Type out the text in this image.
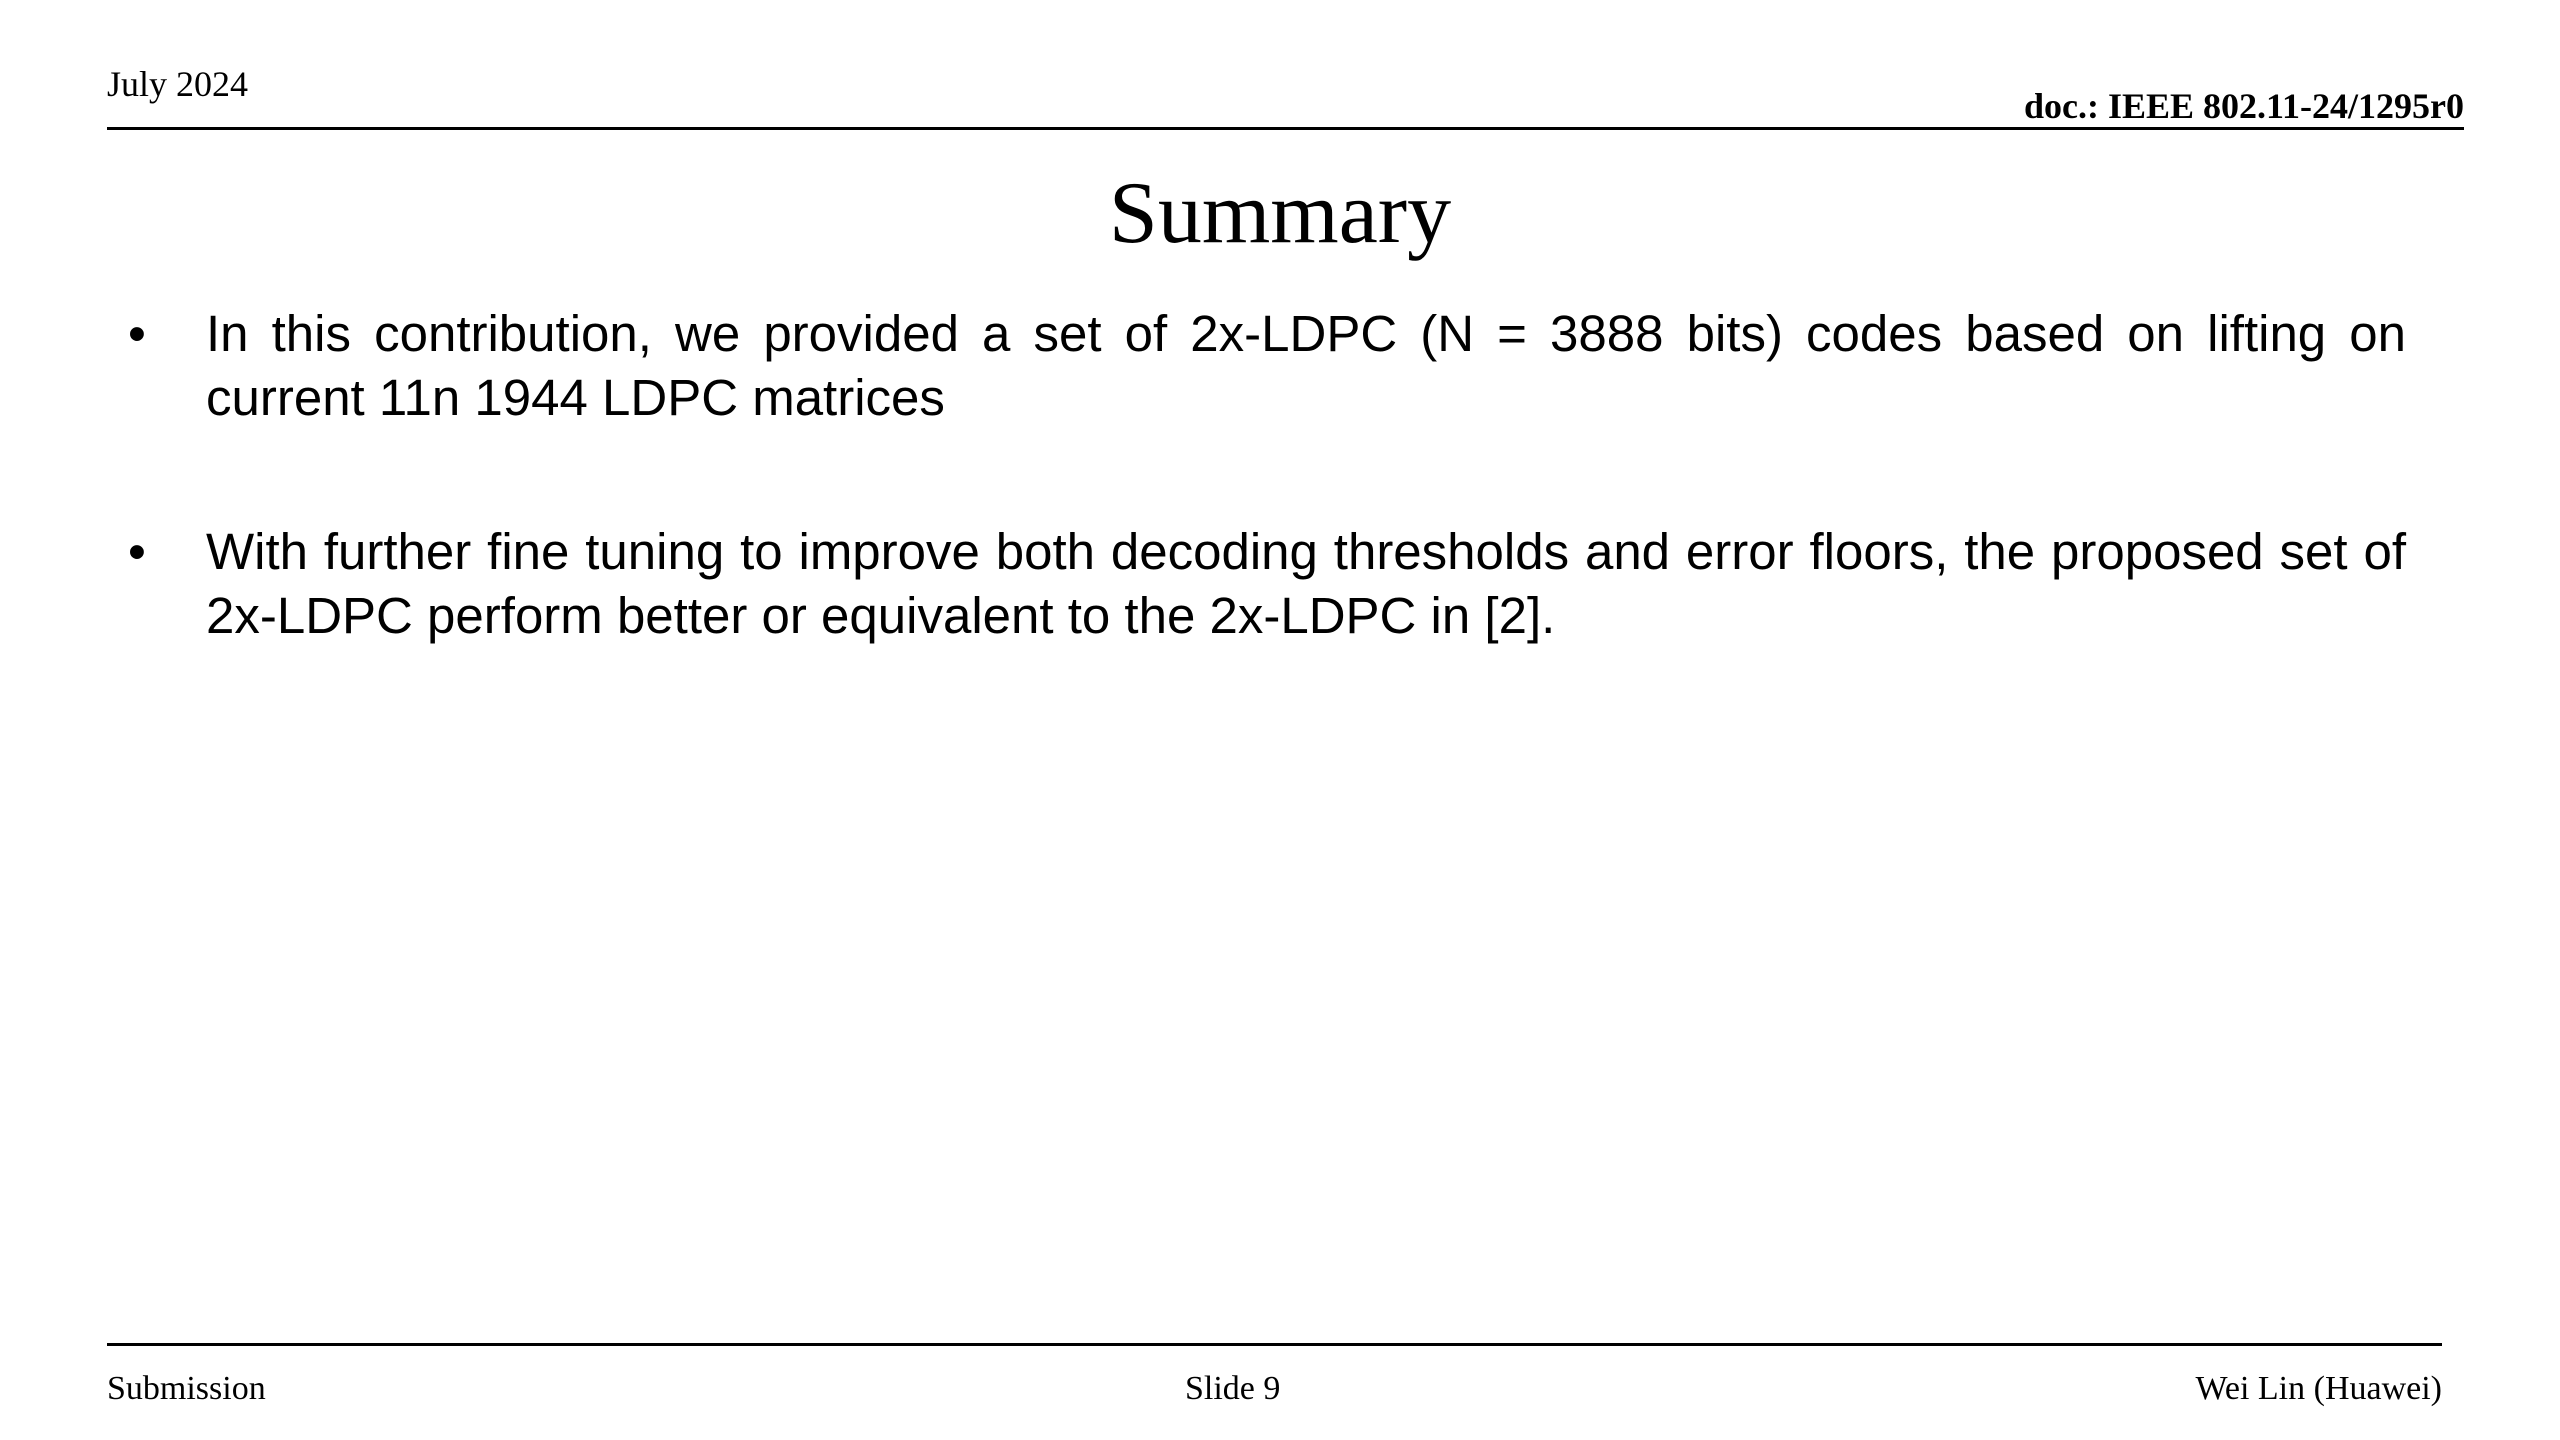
July 2024
doc.: IEEE 802.11-24/1295r0
Summary
•	In this contribution, we provided a set of 2x-LDPC (N = 3888 bits) codes based on lifting on current 11n 1944 LDPC matrices
•	With further fine tuning to improve both decoding thresholds and error floors, the proposed set of 2x-LDPC perform better or equivalent to the 2x-LDPC in [2].
Submission	Slide 9	Wei Lin (Huawei)
